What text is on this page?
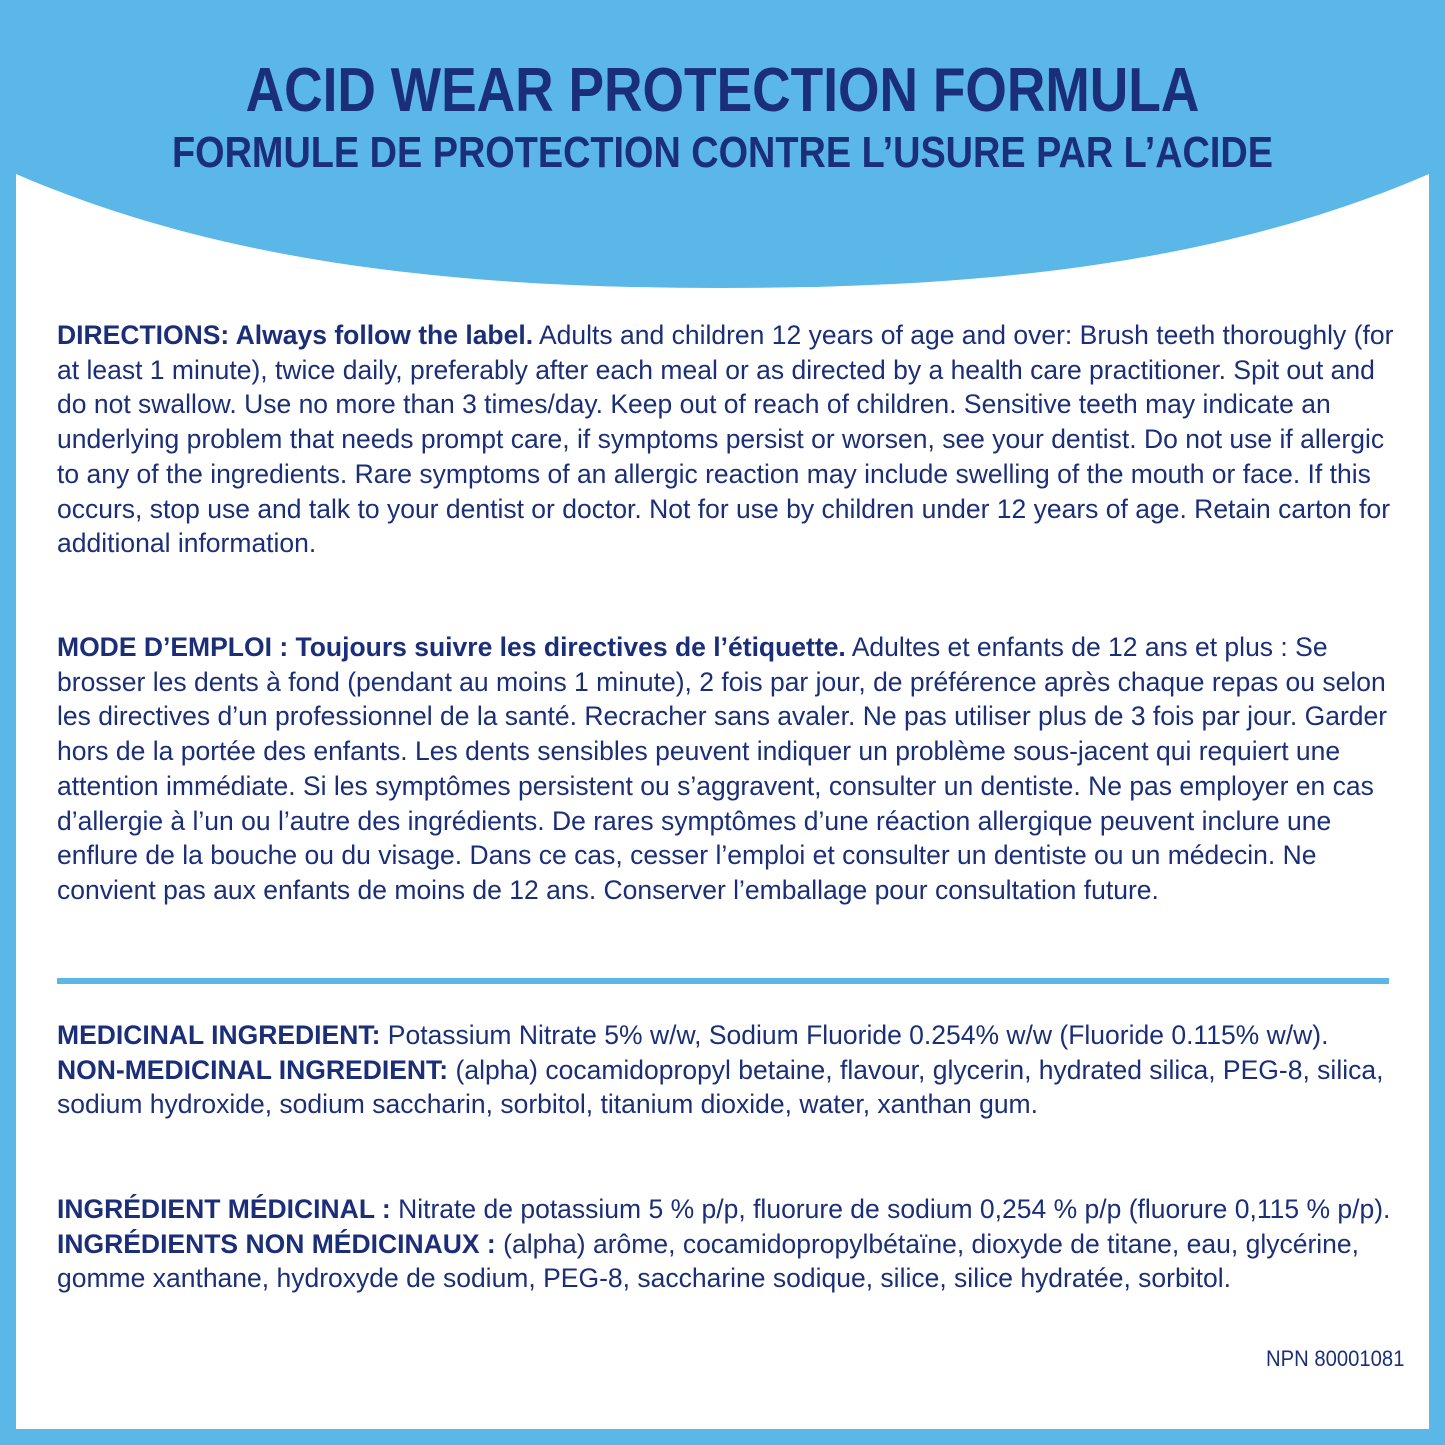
ACID WEAR PROTECTION FORMULA
FORMULE DE PROTECTION CONTRE L’USURE PAR L’ACIDE

DIRECTIONS: Always follow the label. Adults and children 12 years of age and over: Brush teeth thoroughly (for at least 1 minute), twice daily, preferably after each meal or as directed by a health care practitioner. Spit out and do not swallow. Use no more than 3 times/day. Keep out of reach of children. Sensitive teeth may indicate an underlying problem that needs prompt care, if symptoms persist or worsen, see your dentist. Do not use if allergic to any of the ingredients. Rare symptoms of an allergic reaction may include swelling of the mouth or face. If this occurs, stop use and talk to your dentist or doctor. Not for use by children under 12 years of age. Retain carton for additional information.

MODE D’EMPLOI : Toujours suivre les directives de l’étiquette. Adultes et enfants de 12 ans et plus : Se brosser les dents à fond (pendant au moins 1 minute), 2 fois par jour, de préférence après chaque repas ou selon les directives d’un professionnel de la santé. Recracher sans avaler. Ne pas utiliser plus de 3 fois par jour. Garder hors de la portée des enfants. Les dents sensibles peuvent indiquer un problème sous-jacent qui requiert une attention immédiate. Si les symptômes persistent ou s’aggravent, consulter un dentiste. Ne pas employer en cas d’allergie à l’un ou l’autre des ingrédients. De rares symptômes d’une réaction allergique peuvent inclure une enflure de la bouche ou du visage. Dans ce cas, cesser l’emploi et consulter un dentiste ou un médecin. Ne convient pas aux enfants de moins de 12 ans. Conserver l’emballage pour consultation future.

MEDICINAL INGREDIENT: Potassium Nitrate 5% w/w, Sodium Fluoride 0.254% w/w (Fluoride 0.115% w/w).
NON-MEDICINAL INGREDIENT: (alpha) cocamidopropyl betaine, flavour, glycerin, hydrated silica, PEG-8, silica, sodium hydroxide, sodium saccharin, sorbitol, titanium dioxide, water, xanthan gum.
INGRÉDIENT MÉDICINAL : Nitrate de potassium 5 % p/p, fluorure de sodium 0,254 % p/p (fluorure 0,115 % p/p).
INGRÉDIENTS NON MÉDICINAUX : (alpha) arôme, cocamidopropylbétaïne, dioxyde de titane, eau, glycérine, gomme xanthane, hydroxyde de sodium, PEG-8, saccharine sodique, silice, silice hydratée, sorbitol.
NPN 80001081
